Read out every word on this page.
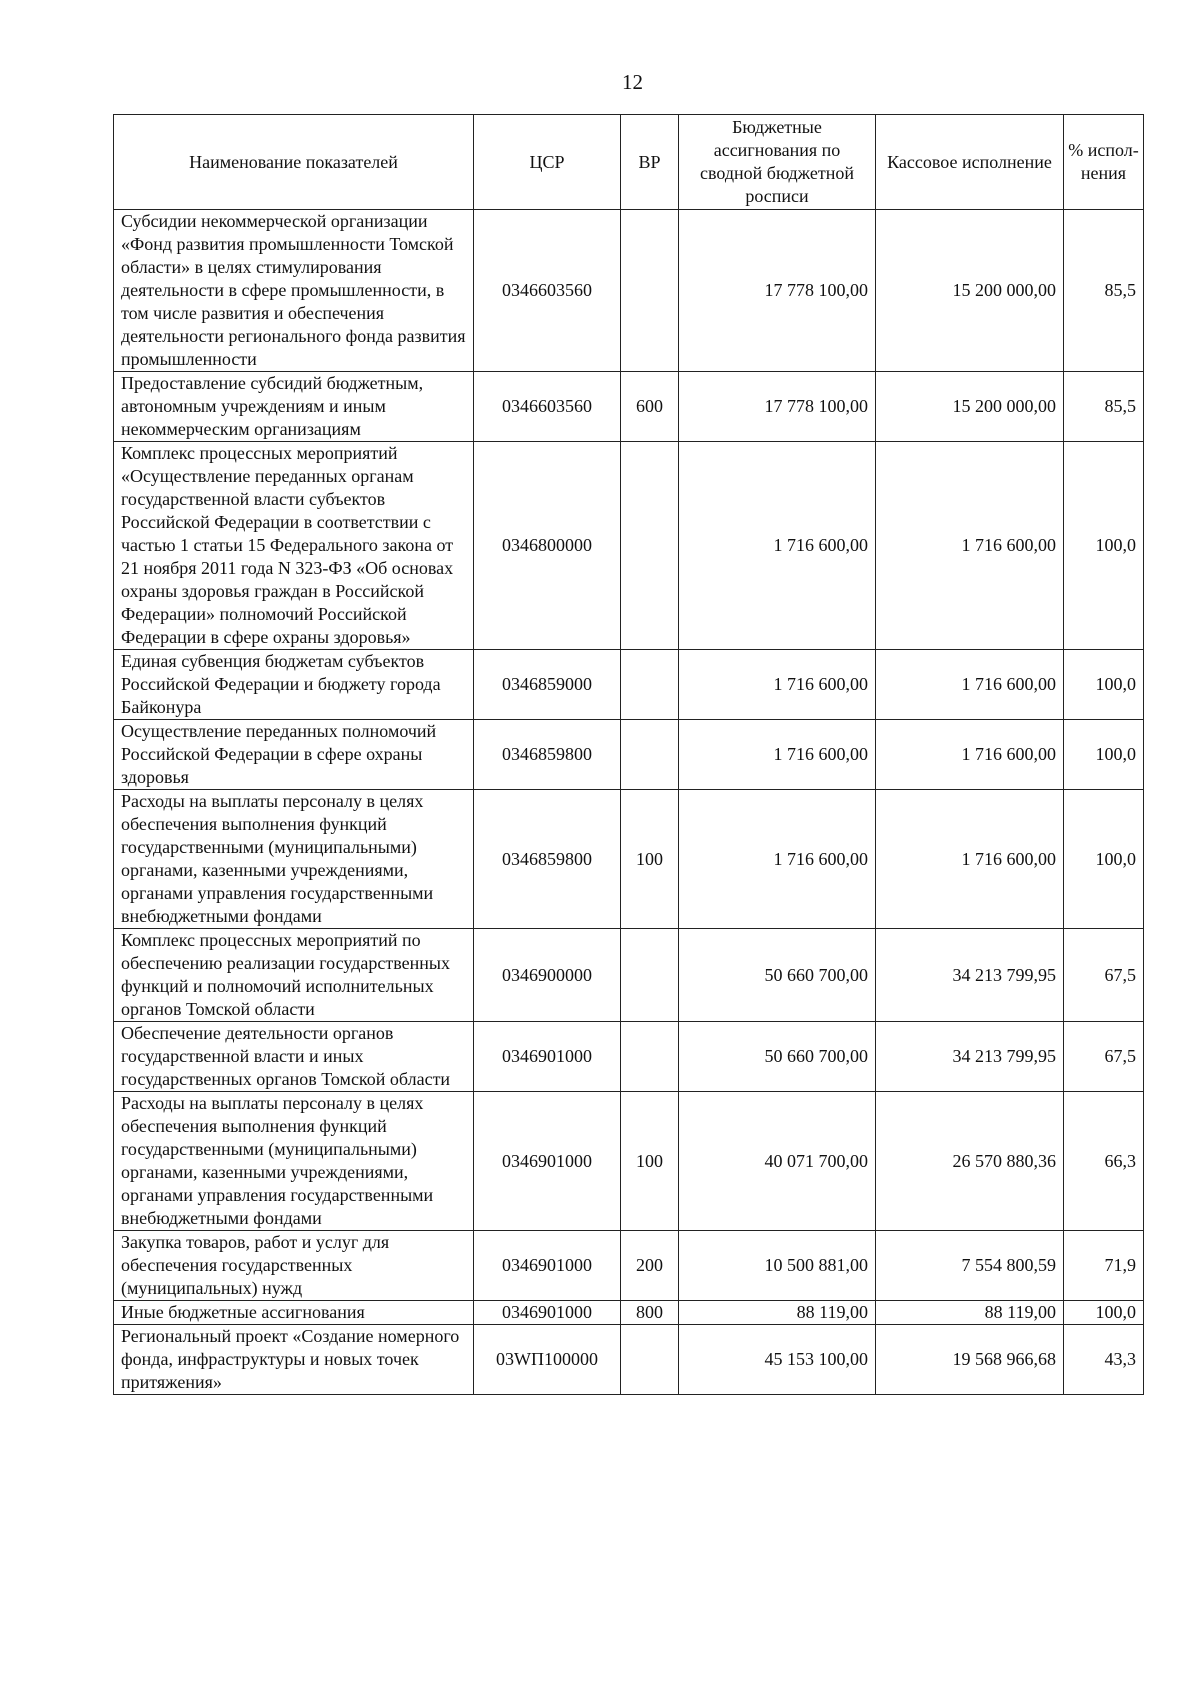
12
Наименование показателей	ЦСР	ВР	Бюджетные ассигнования по сводной бюджетной росписи	Кассовое исполнение	% испол-нения
Субсидии некоммерческой организации «Фонд развития промышленности Томской области» в целях стимулирования деятельности в сфере промышленности, в том числе развития и обеспечения деятельности регионального фонда развития промышленности	0346603560		17 778 100,00	15 200 000,00	85,5
Предоставление субсидий бюджетным, автономным учреждениям и иным некоммерческим организациям	0346603560	600	17 778 100,00	15 200 000,00	85,5
Комплекс процессных мероприятий «Осуществление переданных органам государственной власти субъектов Российской Федерации в соответствии с частью 1 статьи 15 Федерального закона от 21 ноября 2011 года N 323-ФЗ «Об основах охраны здоровья граждан в Российской Федерации» полномочий Российской Федерации в сфере охраны здоровья»	0346800000		1 716 600,00	1 716 600,00	100,0
Единая субвенция бюджетам субъектов Российской Федерации и бюджету города Байконура	0346859000		1 716 600,00	1 716 600,00	100,0
Осуществление переданных полномочий Российской Федерации в сфере охраны здоровья	0346859800		1 716 600,00	1 716 600,00	100,0
Расходы на выплаты персоналу в целях обеспечения выполнения функций государственными (муниципальными) органами, казенными учреждениями, органами управления государственными внебюджетными фондами	0346859800	100	1 716 600,00	1 716 600,00	100,0
Комплекс процессных мероприятий по обеспечению реализации государственных функций и полномочий исполнительных органов Томской области	0346900000		50 660 700,00	34 213 799,95	67,5
Обеспечение деятельности органов государственной власти и иных государственных органов Томской области	0346901000		50 660 700,00	34 213 799,95	67,5
Расходы на выплаты персоналу в целях обеспечения выполнения функций государственными (муниципальными) органами, казенными учреждениями, органами управления государственными внебюджетными фондами	0346901000	100	40 071 700,00	26 570 880,36	66,3
Закупка товаров, работ и услуг для обеспечения государственных (муниципальных) нужд	0346901000	200	10 500 881,00	7 554 800,59	71,9
Иные бюджетные ассигнования	0346901000	800	88 119,00	88 119,00	100,0
Региональный проект «Создание номерного фонда, инфраструктуры и новых точек притяжения»	03WП100000		45 153 100,00	19 568 966,68	43,3
